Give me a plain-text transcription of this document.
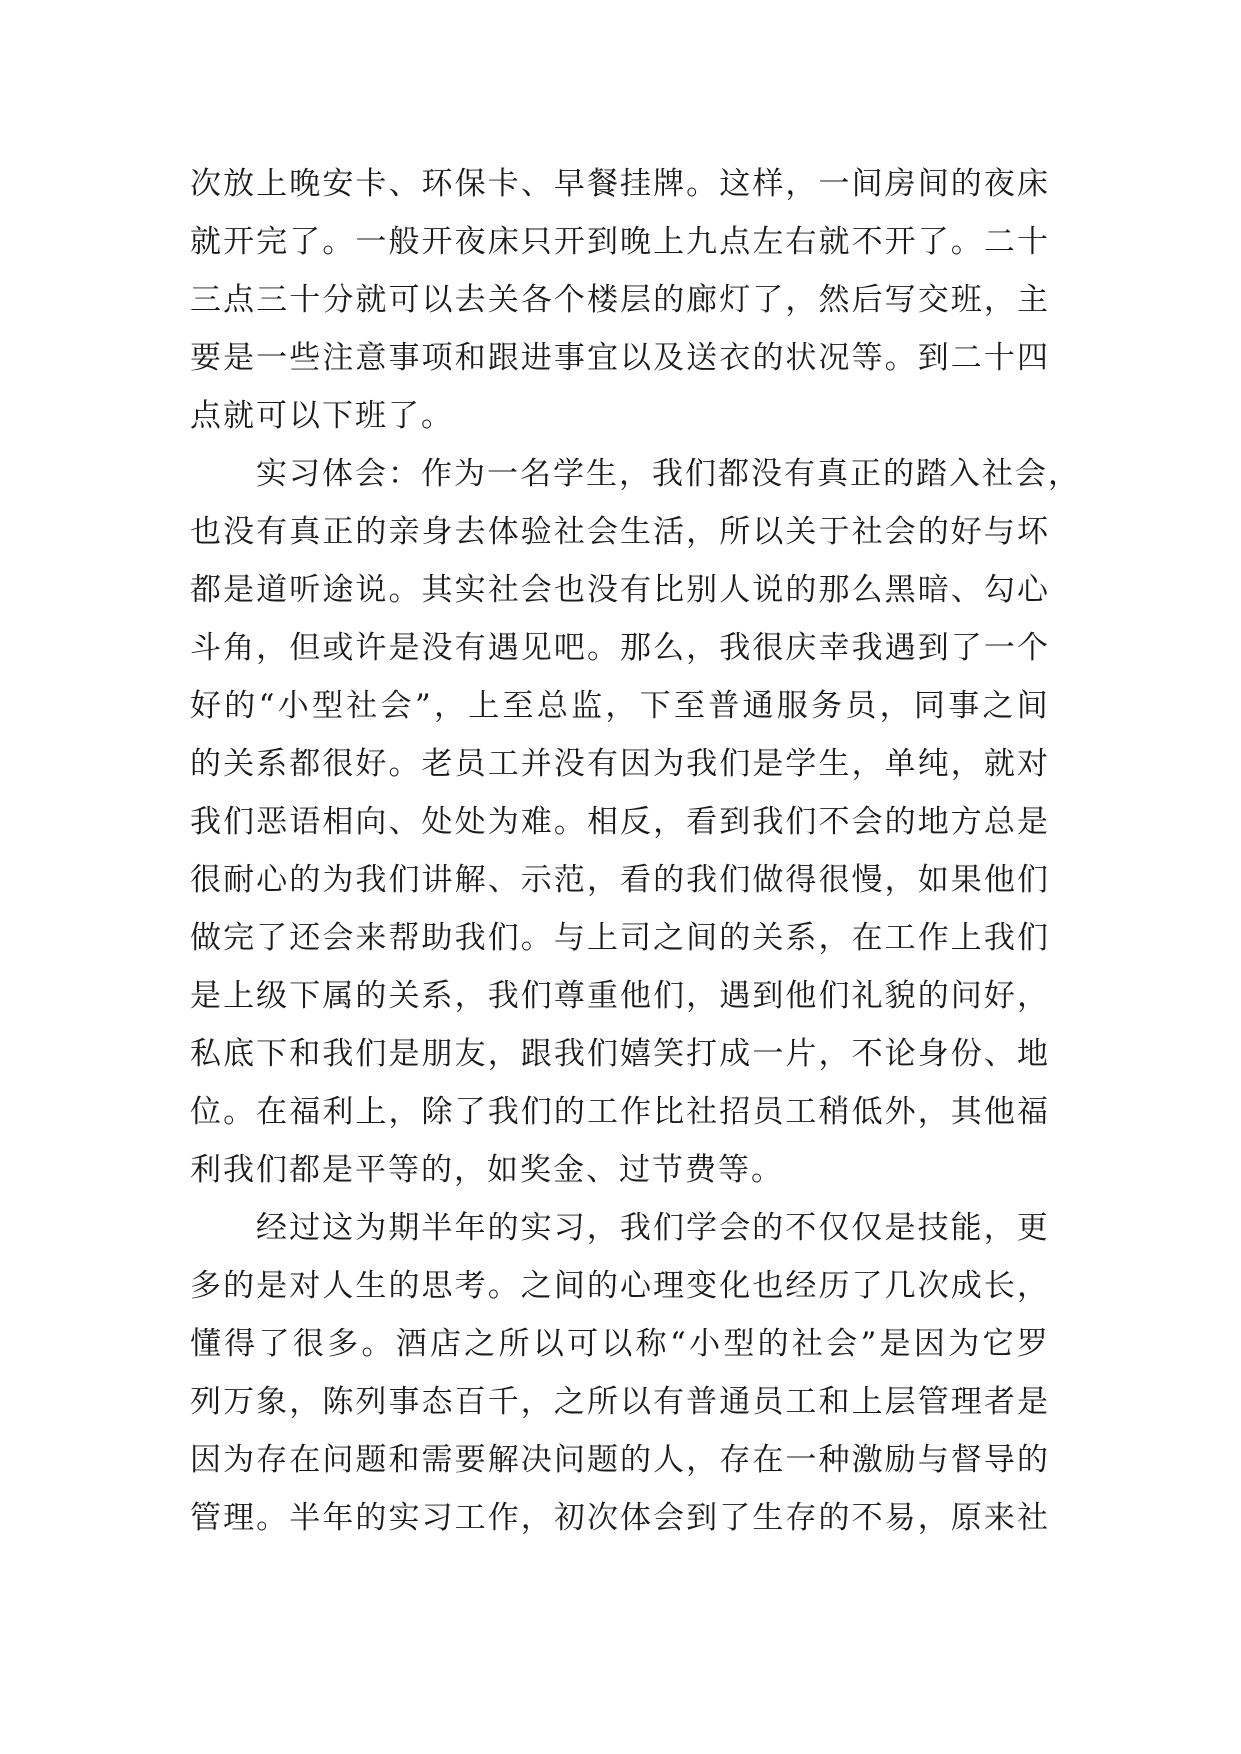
次 放 上 晚 安 卡 、 环 保 卡 、 早 餐 挂 牌 。 这 样 ， 一 间 房 间 的 夜 床
就 开 完 了 。 一 般 开 夜 床 只 开 到 晚 上 九 点 左 右 就 不 开 了 。 二 十
三 点 三 十 分 就 可 以 去 关 各 个 楼 层 的 廊 灯 了 ， 然 后 写 交 班 ， 主
要 是 一 些 注 意 事 项 和 跟 进 事 宜 以 及 送 衣 的 状 况 等 。 到 二 十 四
点就可以下班了。
实 习 体 会 ： 作 为 一 名 学 生 ， 我 们 都 没 有 真 正 的 踏 入 社 会 ，
也 没 有 真 正 的 亲 身 去 体 验 社 会 生 活 ， 所 以 关 于 社 会 的 好 与 坏
都 是 道 听 途 说 。 其 实 社 会 也 没 有 比 别 人 说 的 那 么 黑 暗 、 勾 心
斗 角 ， 但 或 许 是 没 有 遇 见 吧 。 那 么 ， 我 很 庆 幸 我 遇 到 了 一 个
好 的 “ 小 型 社 会 ” ， 上 至 总 监 ， 下 至 普 通 服 务 员 ， 同 事 之 间
的 关 系 都 很 好 。 老 员 工 并 没 有 因 为 我 们 是 学 生 ， 单 纯 ， 就 对
我 们 恶 语 相 向 、 处 处 为 难 。 相 反 ， 看 到 我 们 不 会 的 地 方 总 是
很 耐 心 的 为 我 们 讲 解 、 示 范 ， 看 的 我 们 做 得 很 慢 ， 如 果 他 们
做 完 了 还 会 来 帮 助 我 们 。 与 上 司 之 间 的 关 系 ， 在 工 作 上 我 们
是 上 级 下 属 的 关 系 ， 我 们 尊 重 他 们 ， 遇 到 他 们 礼 貌 的 问 好 ，
私 底 下 和 我 们 是 朋 友 ， 跟 我 们 嬉 笑 打 成 一 片 ， 不 论 身 份 、 地
位 。 在 福 利 上 ， 除 了 我 们 的 工 作 比 社 招 员 工 稍 低 外 ， 其 他 福
利我们都是平等的，如奖金、过节费等。
经 过 这 为 期 半 年 的 实 习 ， 我 们 学 会 的 不 仅 仅 是 技 能 ， 更
多 的 是 对 人 生 的 思 考 。 之 间 的 心 理 变 化 也 经 历 了 几 次 成 长 ，
懂 得 了 很 多 。 酒 店 之 所 以 可 以 称 “ 小 型 的 社 会 ” 是 因 为 它 罗
列 万 象 ， 陈 列 事 态 百 千 ， 之 所 以 有 普 通 员 工 和 上 层 管 理 者 是
因 为 存 在 问 题 和 需 要 解 决 问 题 的 人 ， 存 在 一 种 激 励 与 督 导 的
管 理 。 半 年 的 实 习 工 作 ， 初 次 体 会 到 了 生 存 的 不 易 ， 原 来 社
